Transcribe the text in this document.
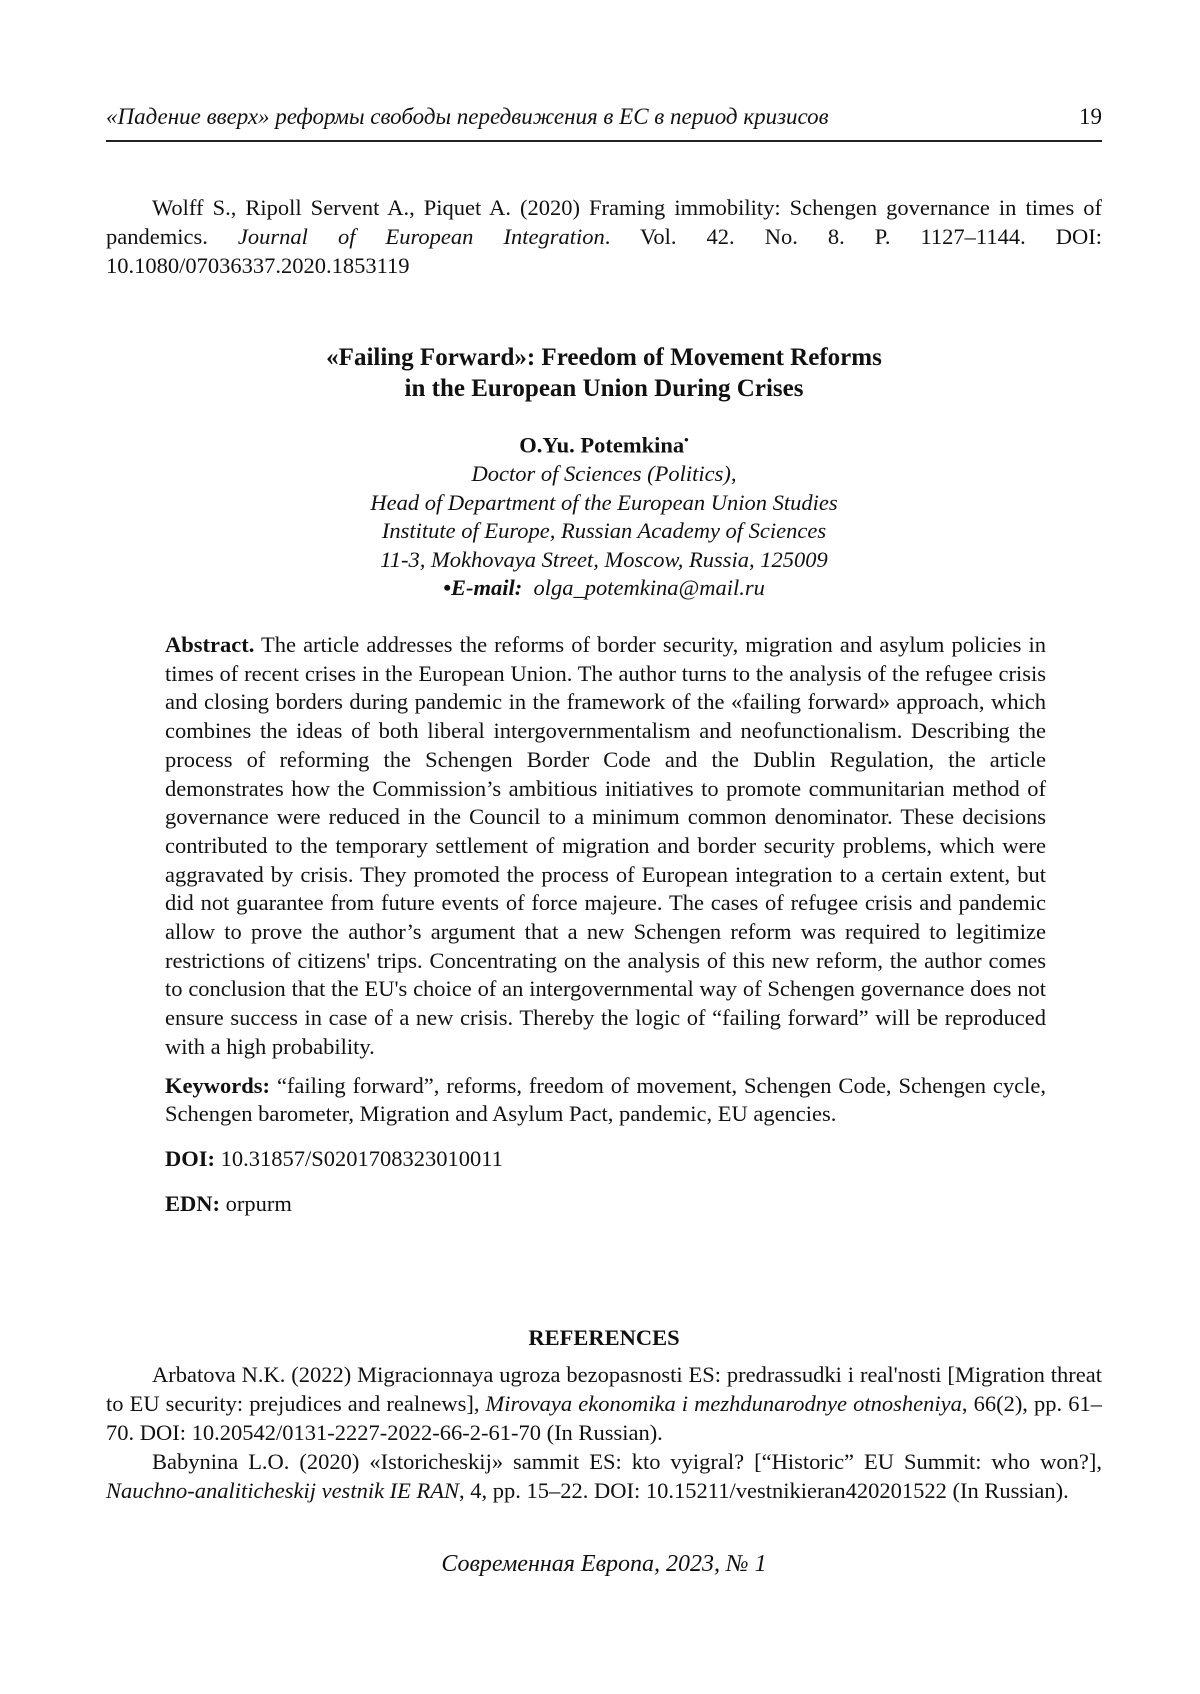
«Падение вверх» реформы свободы передвижения в ЕС в период кризисов	19
Wolff S., Ripoll Servent A., Piquet A. (2020) Framing immobility: Schengen governance in times of pandemics. Journal of European Integration. Vol. 42. No. 8. P. 1127–1144. DOI: 10.1080/07036337.2020.1853119
«Failing Forward»: Freedom of Movement Reforms
in the European Union During Crises
O.Yu. Potemkina•
Doctor of Sciences (Politics),
Head of Department of the European Union Studies
Institute of Europe, Russian Academy of Sciences
11-3, Mokhovaya Street, Moscow, Russia, 125009
•E-mail: olga_potemkina@mail.ru

Abstract. The article addresses the reforms of border security, migration and asylum policies in times of recent crises in the European Union. The author turns to the analysis of the refugee crisis and closing borders during pandemic in the framework of the «failing forward» approach, which combines the ideas of both liberal intergovernmentalism and neofunctionalism. Describing the process of reforming the Schengen Border Code and the Dublin Regulation, the article demonstrates how the Commission’s ambitious initiatives to promote communitarian method of governance were reduced in the Council to a minimum common denominator. These decisions contributed to the temporary settlement of migration and border security problems, which were aggravated by crisis. They promoted the process of European integration to a certain extent, but did not guarantee from future events of force majeure. The cases of refugee crisis and pandemic allow to prove the author’s argument that a new Schengen reform was required to legitimize restrictions of citizens' trips. Concentrating on the analysis of this new reform, the author comes to conclusion that the EU's choice of an intergovernmental way of Schengen governance does not ensure success in case of a new crisis. Thereby the logic of “failing forward” will be reproduced with a high probability.

Keywords: “failing forward”, reforms, freedom of movement, Schengen Code, Schengen cycle, Schengen barometer, Migration and Asylum Pact, pandemic, EU agencies.

DOI: 10.31857/S0201708323010011

EDN: orpurm

REFERENCES

Arbatova N.K. (2022) Migracionnaya ugroza bezopasnosti ES: predrassudki i real'nosti [Migration threat to EU security: prejudices and realnews], Mirovaya ekonomika i mezhdunarodnye otnosheniya, 66(2), pp. 61–70. DOI: 10.20542/0131-2227-2022-66-2-61-70 (In Russian).

Babynina L.O. (2020) «Istoricheskij» sammit ES: kto vyigral? [“Historic” EU Summit: who won?], Nauchno-analiticheskij vestnik IE RAN, 4, pp. 15–22. DOI: 10.15211/vestnikieran420201522 (In Russian).

Современная Европа, 2023, № 1
